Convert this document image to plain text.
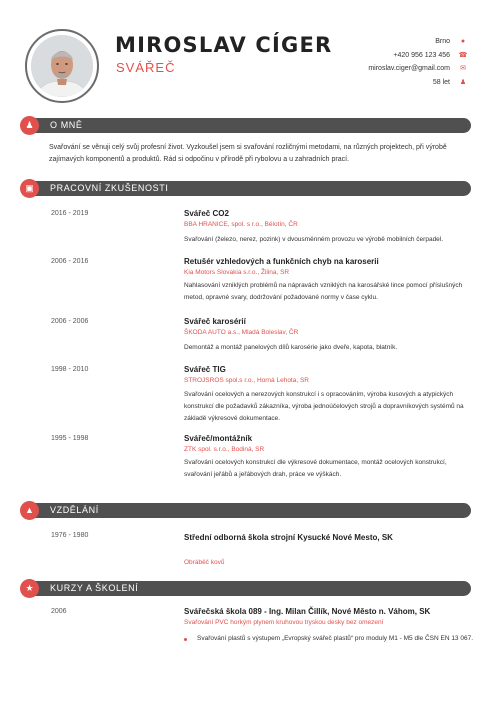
MIROSLAV CÍGER
SVÁŘEČ
Brno ●
+420 956 123 456 ☎
miroslav.ciger@gmail.com ✉
58 let ♟
♟	O MNĚ
Svařování se věnuji celý svůj profesní život. Vyzkoušel jsem si svařování rozličnými metodami, na různých projektech, při výrobě zajímavých komponentů a produktů. Rád si odpočinu v přírodě při rybolovu a u zahradních prací.
▣	PRACOVNÍ ZKUŠENOSTI
2016 - 2019	Svářeč CO2
BBA HRANICE, spol. s r.o., Bělotín, ČR
Svařování (železo, nerez, pozink) v dvousměnném provozu ve výrobě mobilních čerpadel.
2006 - 2016	Retušér vzhledových a funkčních chyb na karoserii
Kia Motors Slovakia s.r.o., Žilina, SR
Nahlasování vzniklých problémů na nápravách vzniklých na karosářské lince pomocí příslušných metod, opravné svary, dodržování požadované normy v čase cyklu.
2006 - 2006	Svářeč karosérií
ŠKODA AUTO a.s., Mladá Boleslav, ČR
Demontáž a montáž panelových dílů karosérie jako dveře, kapota, blatník.
1998 - 2010	Svářeč TIG
STROJSROS spol.s r.o., Horná Lehota, SR
Svařování ocelových a nerezových konstrukcí i s opracováním, výroba kusových a atypických konstrukcí dle požadavků zákazníka, výroba jednoúčelových strojů a dopravníkových systémů na základě výkresové dokumentace.
1995 - 1998	Svářeč/montážník
ZTK spol. s.r.o., Bodiná, SR
Svařování ocelových konstrukcí dle výkresové dokumentace, montáž ocelových konstrukcí, svařování jeřábů a jeřábových drah, práce ve výškách.
▲	VZDĚLÁNÍ
1976 - 1980	Střední odborná škola strojní Kysucké Nové Mesto, SK
Obráběč kovů
★	KURZY A ŠKOLENÍ
2006	Svářečská škola 089 - Ing. Milan Čillík, Nové Město n. Váhom, SK
Svařování PVC horkým plynem kruhovou tryskou desky bez omezení
Svařování plastů s výstupem „Evropský svářeč plastů“ pro moduly M1 - M5 dle ČSN EN 13 067.
